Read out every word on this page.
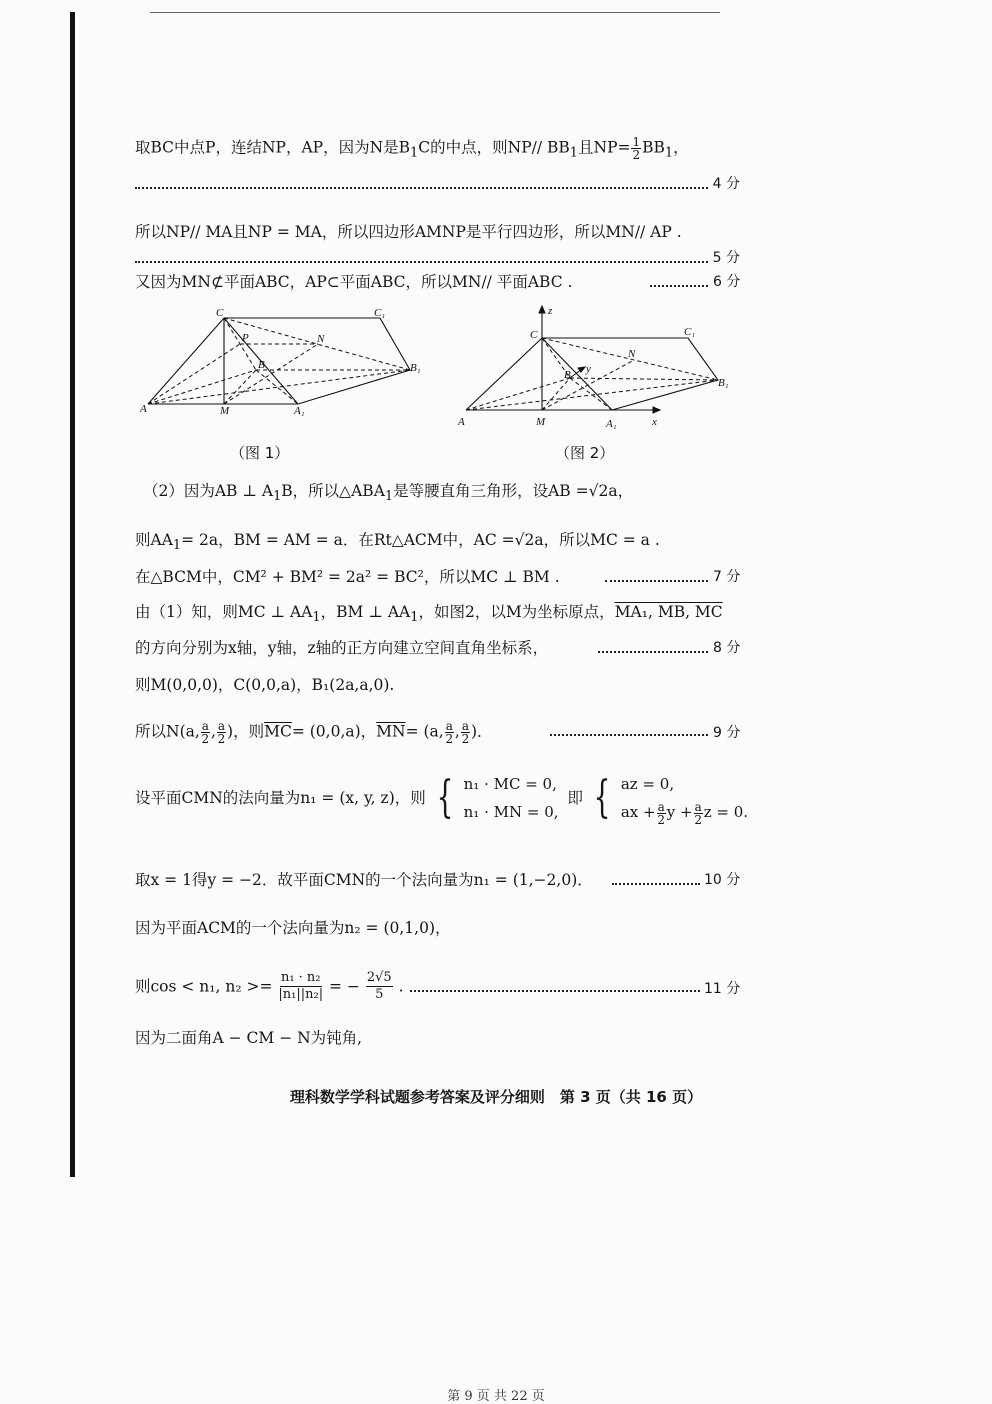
取BC中点P，连结NP，AP，因为N是$B_1C$的中点，则NP// $BB_1$且$NP= \frac{1}{2} BB_1$，
4 分
所以NP// MA且NP = MA，所以四边形AMNP是平行四边形，所以MN// AP .
5 分
又因为MN⊄平面ABC，AP⊂平面ABC，所以MN// 平面ABC .	6 分
C	C₁
P	N
B	B₁
A	M	A₁
z
C	C₁
N
B y
B₁
A	M	A₁	x
（图 1）	（图 2）
（2）因为AB ⊥ $A_1B$，所以$\triangle ABA_1$是等腰直角三角形，设AB =√2a，
则$AA_1= 2a$，BM = AM = a．在Rt△ACM中，AC =√2a，所以MC = a .
在△BCM中，CM² + BM² = 2a² = BC²，所以MC ⊥ BM .	7 分
由（1）知，则MC ⊥ $AA_1$，BM ⊥ $AA_1$，如图2，以M为坐标原点，MA₁, MB, MC
的方向分别为x轴，y轴，z轴的正方向建立空间直角坐标系，	8 分
则M(0,0,0)，C(0,0,a)，B₁(2a,a,0).
所以N(a, $\frac{a}{2}$ , $\frac{a}{2}$ )，则$\overline{MC}= (0,0,a)$，$\overline{MN}= (a$, $\frac{a}{2}$ , $\frac{a}{2}$ )．	9 分
设平面CMN的法向量为n₁ = (x, y, z)，则 { n₁ · MC = 0,
n₁ · MN = 0,
即 { az = 0,
ax + $\frac{a}{2}$ $y + \frac{a}{2}$ z = 0.
取x = 1得y = −2．故平面CMN的一个法向量为n₁ = (1,−2,0)．	10 分
因为平面ACM的一个法向量为n₂ = (0,1,0)，
则cos < n₁, $n_2 >= \frac{\text{n₁ · n₂}}{\text{|n₁||n₂|}}$ = − $\frac{2√5}{5}$ .	11 分
因为二面角A − CM − N为钝角,
理科数学学科试题参考答案及评分细则　第 3 页（共 16 页）
第 9 页 共 22 页
